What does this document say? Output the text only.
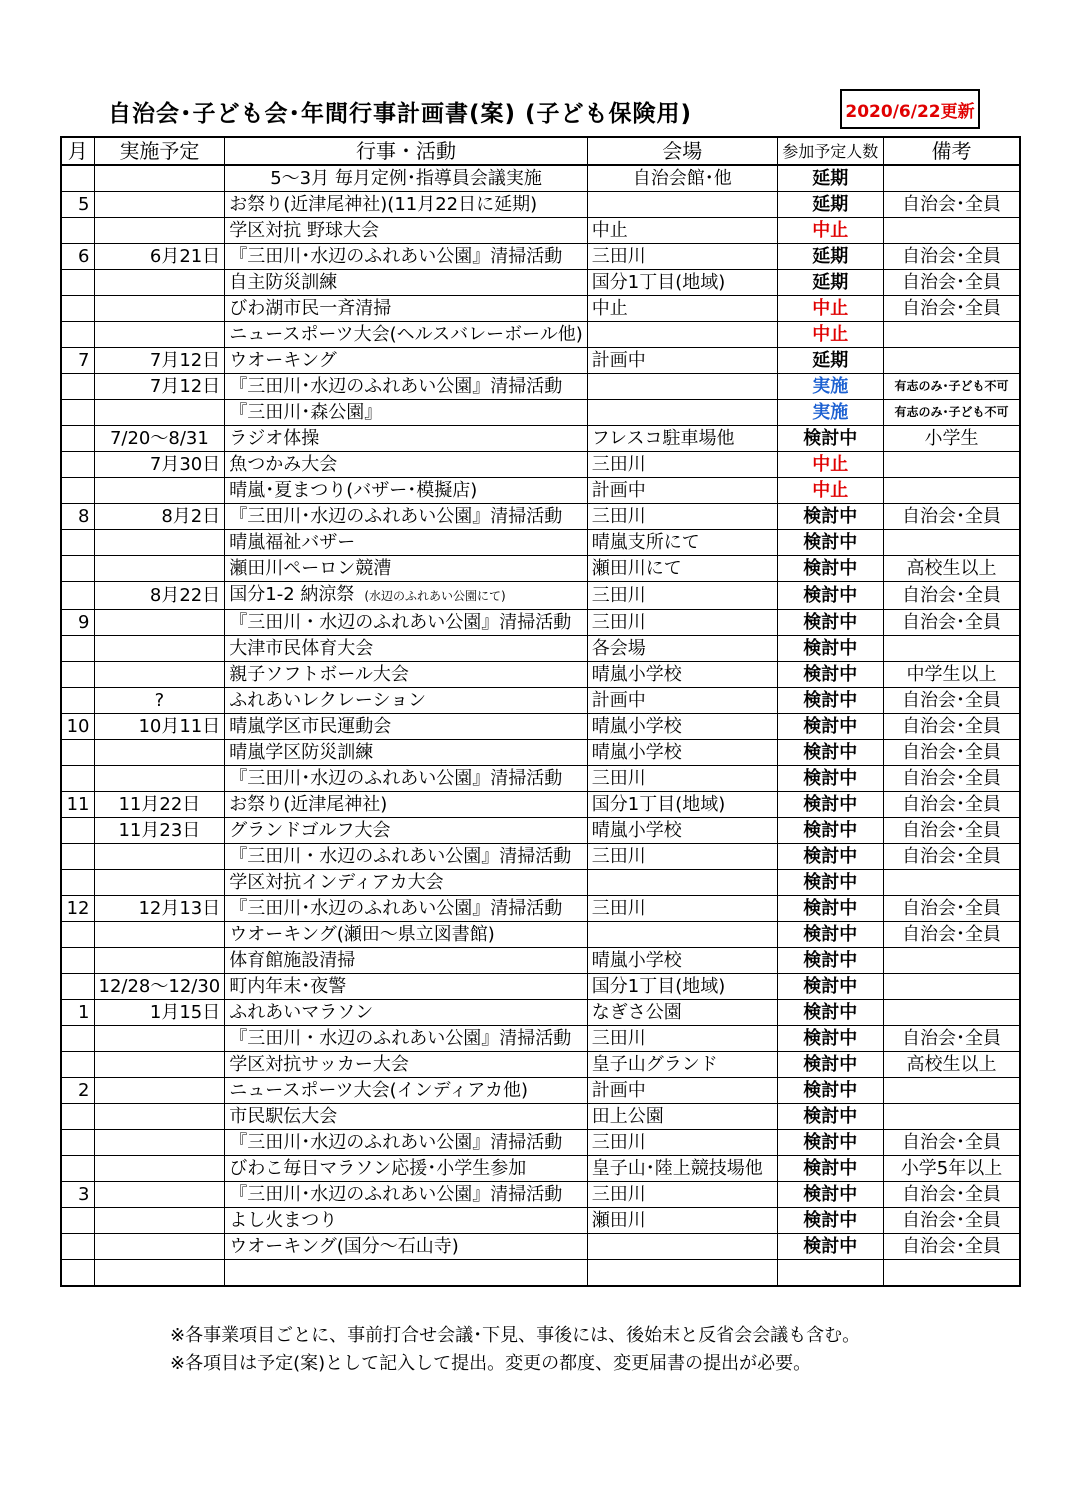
自治会･子ども会･年間行事計画書(案) (子ども保険用)	2020/6/22更新
月	実施予定	行事・活動	会場	参加予定人数	備考
		5～3月 毎月定例･指導員会議実施	自治会館･他	延期	
5		お祭り(近津尾神社)(11月22日に延期)		延期	自治会･全員
		学区対抗 野球大会	中止	中止	
6	6月21日	『三田川･水辺のふれあい公園』清掃活動	三田川	延期	自治会･全員
		自主防災訓練	国分1丁目(地域)	延期	自治会･全員
		びわ湖市民一斉清掃	中止	中止	自治会･全員
		ニュースポーツ大会(ヘルスバレーボール他)		中止	
7	7月12日	ウオーキング	計画中	延期	
	7月12日	『三田川･水辺のふれあい公園』清掃活動		実施	有志のみ･子ども不可
		『三田川･森公園』		実施	有志のみ･子ども不可
	7/20～8/31	ラジオ体操	フレスコ駐車場他	検討中	小学生
	7月30日	魚つかみ大会	三田川	中止	
		晴嵐･夏まつり(バザー･模擬店)	計画中	中止	
8	8月2日	『三田川･水辺のふれあい公園』清掃活動	三田川	検討中	自治会･全員
		晴嵐福祉バザー	晴嵐支所にて	検討中	
		瀬田川ペーロン競漕	瀬田川にて	検討中	高校生以上
	8月22日	国分1-2 納涼祭 (水辺のふれあい公園にて)	三田川	検討中	自治会･全員
9		『三田川・水辺のふれあい公園』清掃活動	三田川	検討中	自治会･全員
		大津市民体育大会	各会場	検討中	
		親子ソフトボール大会	晴嵐小学校	検討中	中学生以上
	?	ふれあいレクレーション	計画中	検討中	自治会･全員
10	10月11日	晴嵐学区市民運動会	晴嵐小学校	検討中	自治会･全員
		晴嵐学区防災訓練	晴嵐小学校	検討中	自治会･全員
		『三田川･水辺のふれあい公園』清掃活動	三田川	検討中	自治会･全員
11	11月22日	お祭り(近津尾神社)	国分1丁目(地域)	検討中	自治会･全員
	11月23日	グランドゴルフ大会	晴嵐小学校	検討中	自治会･全員
		『三田川・水辺のふれあい公園』清掃活動	三田川	検討中	自治会･全員
		学区対抗インディアカ大会		検討中	
12	12月13日	『三田川･水辺のふれあい公園』清掃活動	三田川	検討中	自治会･全員
		ウオーキング(瀬田～県立図書館)		検討中	自治会･全員
		体育館施設清掃	晴嵐小学校	検討中	
	12/28～12/30	町内年末･夜警	国分1丁目(地域)	検討中	
1	1月15日	ふれあいマラソン	なぎさ公園	検討中	
		『三田川・水辺のふれあい公園』清掃活動	三田川	検討中	自治会･全員
		学区対抗サッカー大会	皇子山グランド	検討中	高校生以上
2		ニュースポーツ大会(インディアカ他)	計画中	検討中	
		市民駅伝大会	田上公園	検討中	
		『三田川･水辺のふれあい公園』清掃活動	三田川	検討中	自治会･全員
		びわこ毎日マラソン応援･小学生参加	皇子山･陸上競技場他	検討中	小学5年以上
3		『三田川･水辺のふれあい公園』清掃活動	三田川	検討中	自治会･全員
		よし火まつり	瀬田川	検討中	自治会･全員
		ウオーキング(国分～石山寺)		検討中	自治会･全員

※各事業項目ごとに、事前打合せ会議･下見、事後には、後始末と反省会会議も含む。
※各項目は予定(案)として記入して提出。変更の都度、変更届書の提出が必要。
